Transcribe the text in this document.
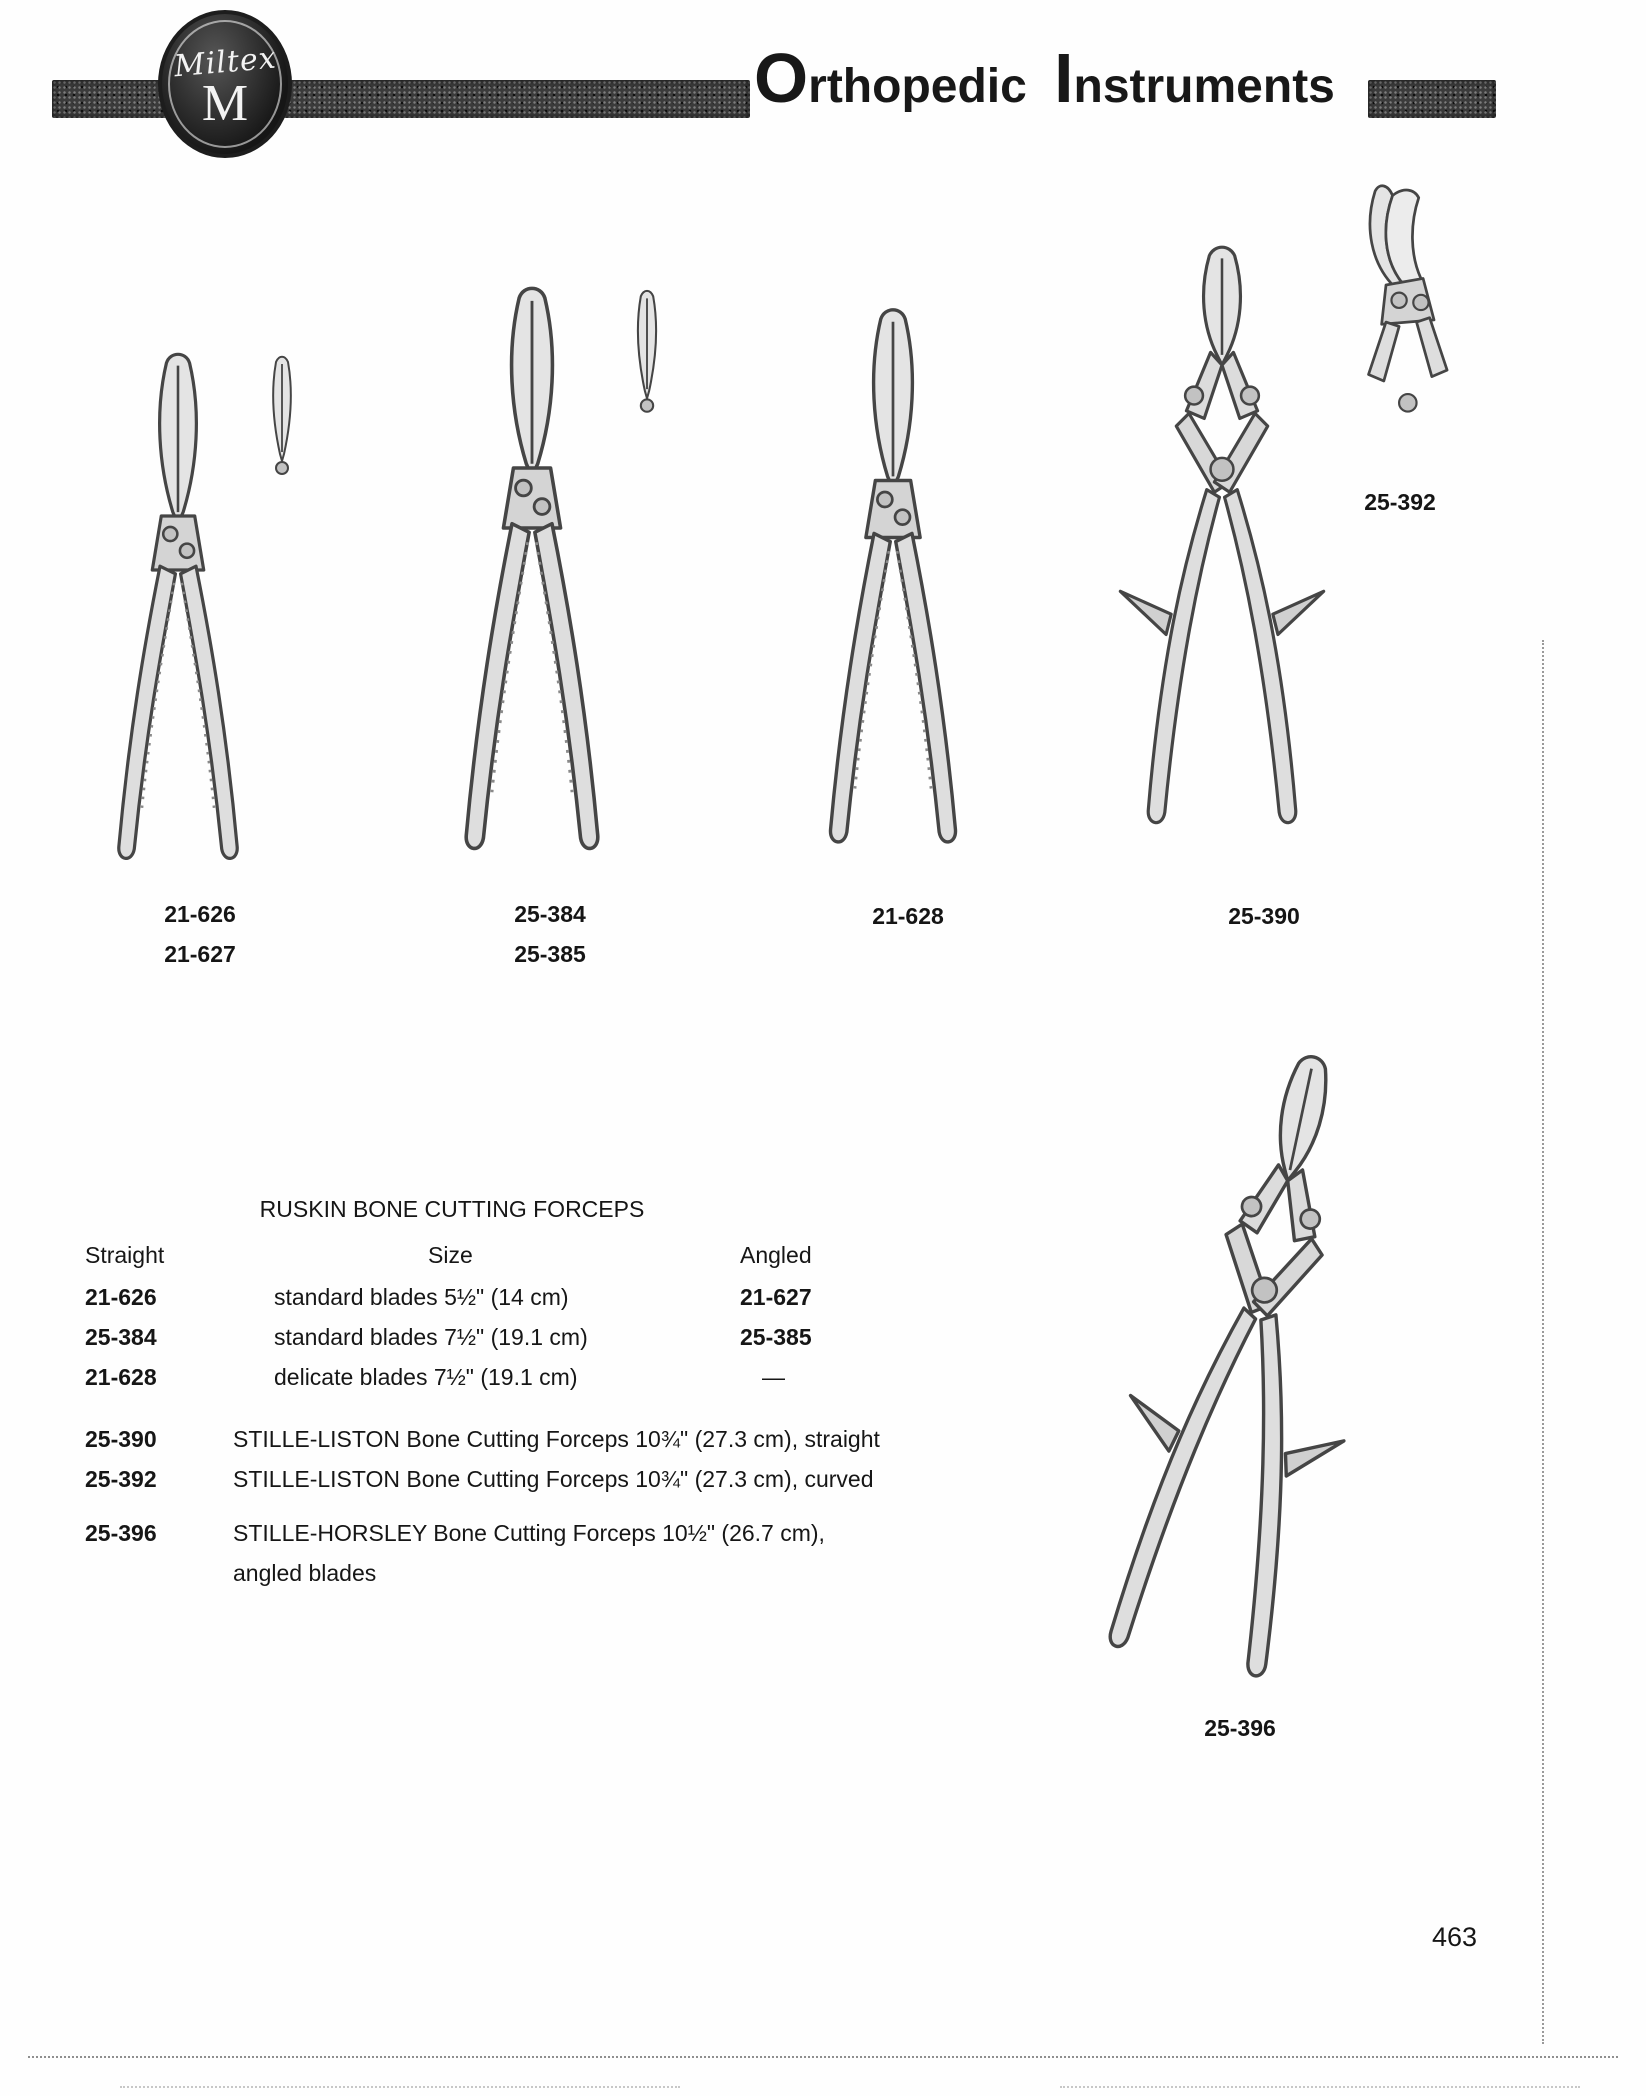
Miltex
M	Orthopedic Instruments
21-626
21-627
25-384
25-385
21-628	25-390
25-392
25-396
RUSKIN BONE CUTTING FORCEPS
Straight	Size	Angled
21-626	standard blades 5½" (14 cm)	21-627
25-384	standard blades 7½" (19.1 cm)	25-385
21-628	delicate blades 7½" (19.1 cm)	—
25-390	STILLE-LISTON Bone Cutting Forceps 10¾" (27.3 cm), straight
25-392	STILLE-LISTON Bone Cutting Forceps 10¾" (27.3 cm), curved
25-396	STILLE-HORSLEY Bone Cutting Forceps 10½" (26.7 cm),
angled blades
463
